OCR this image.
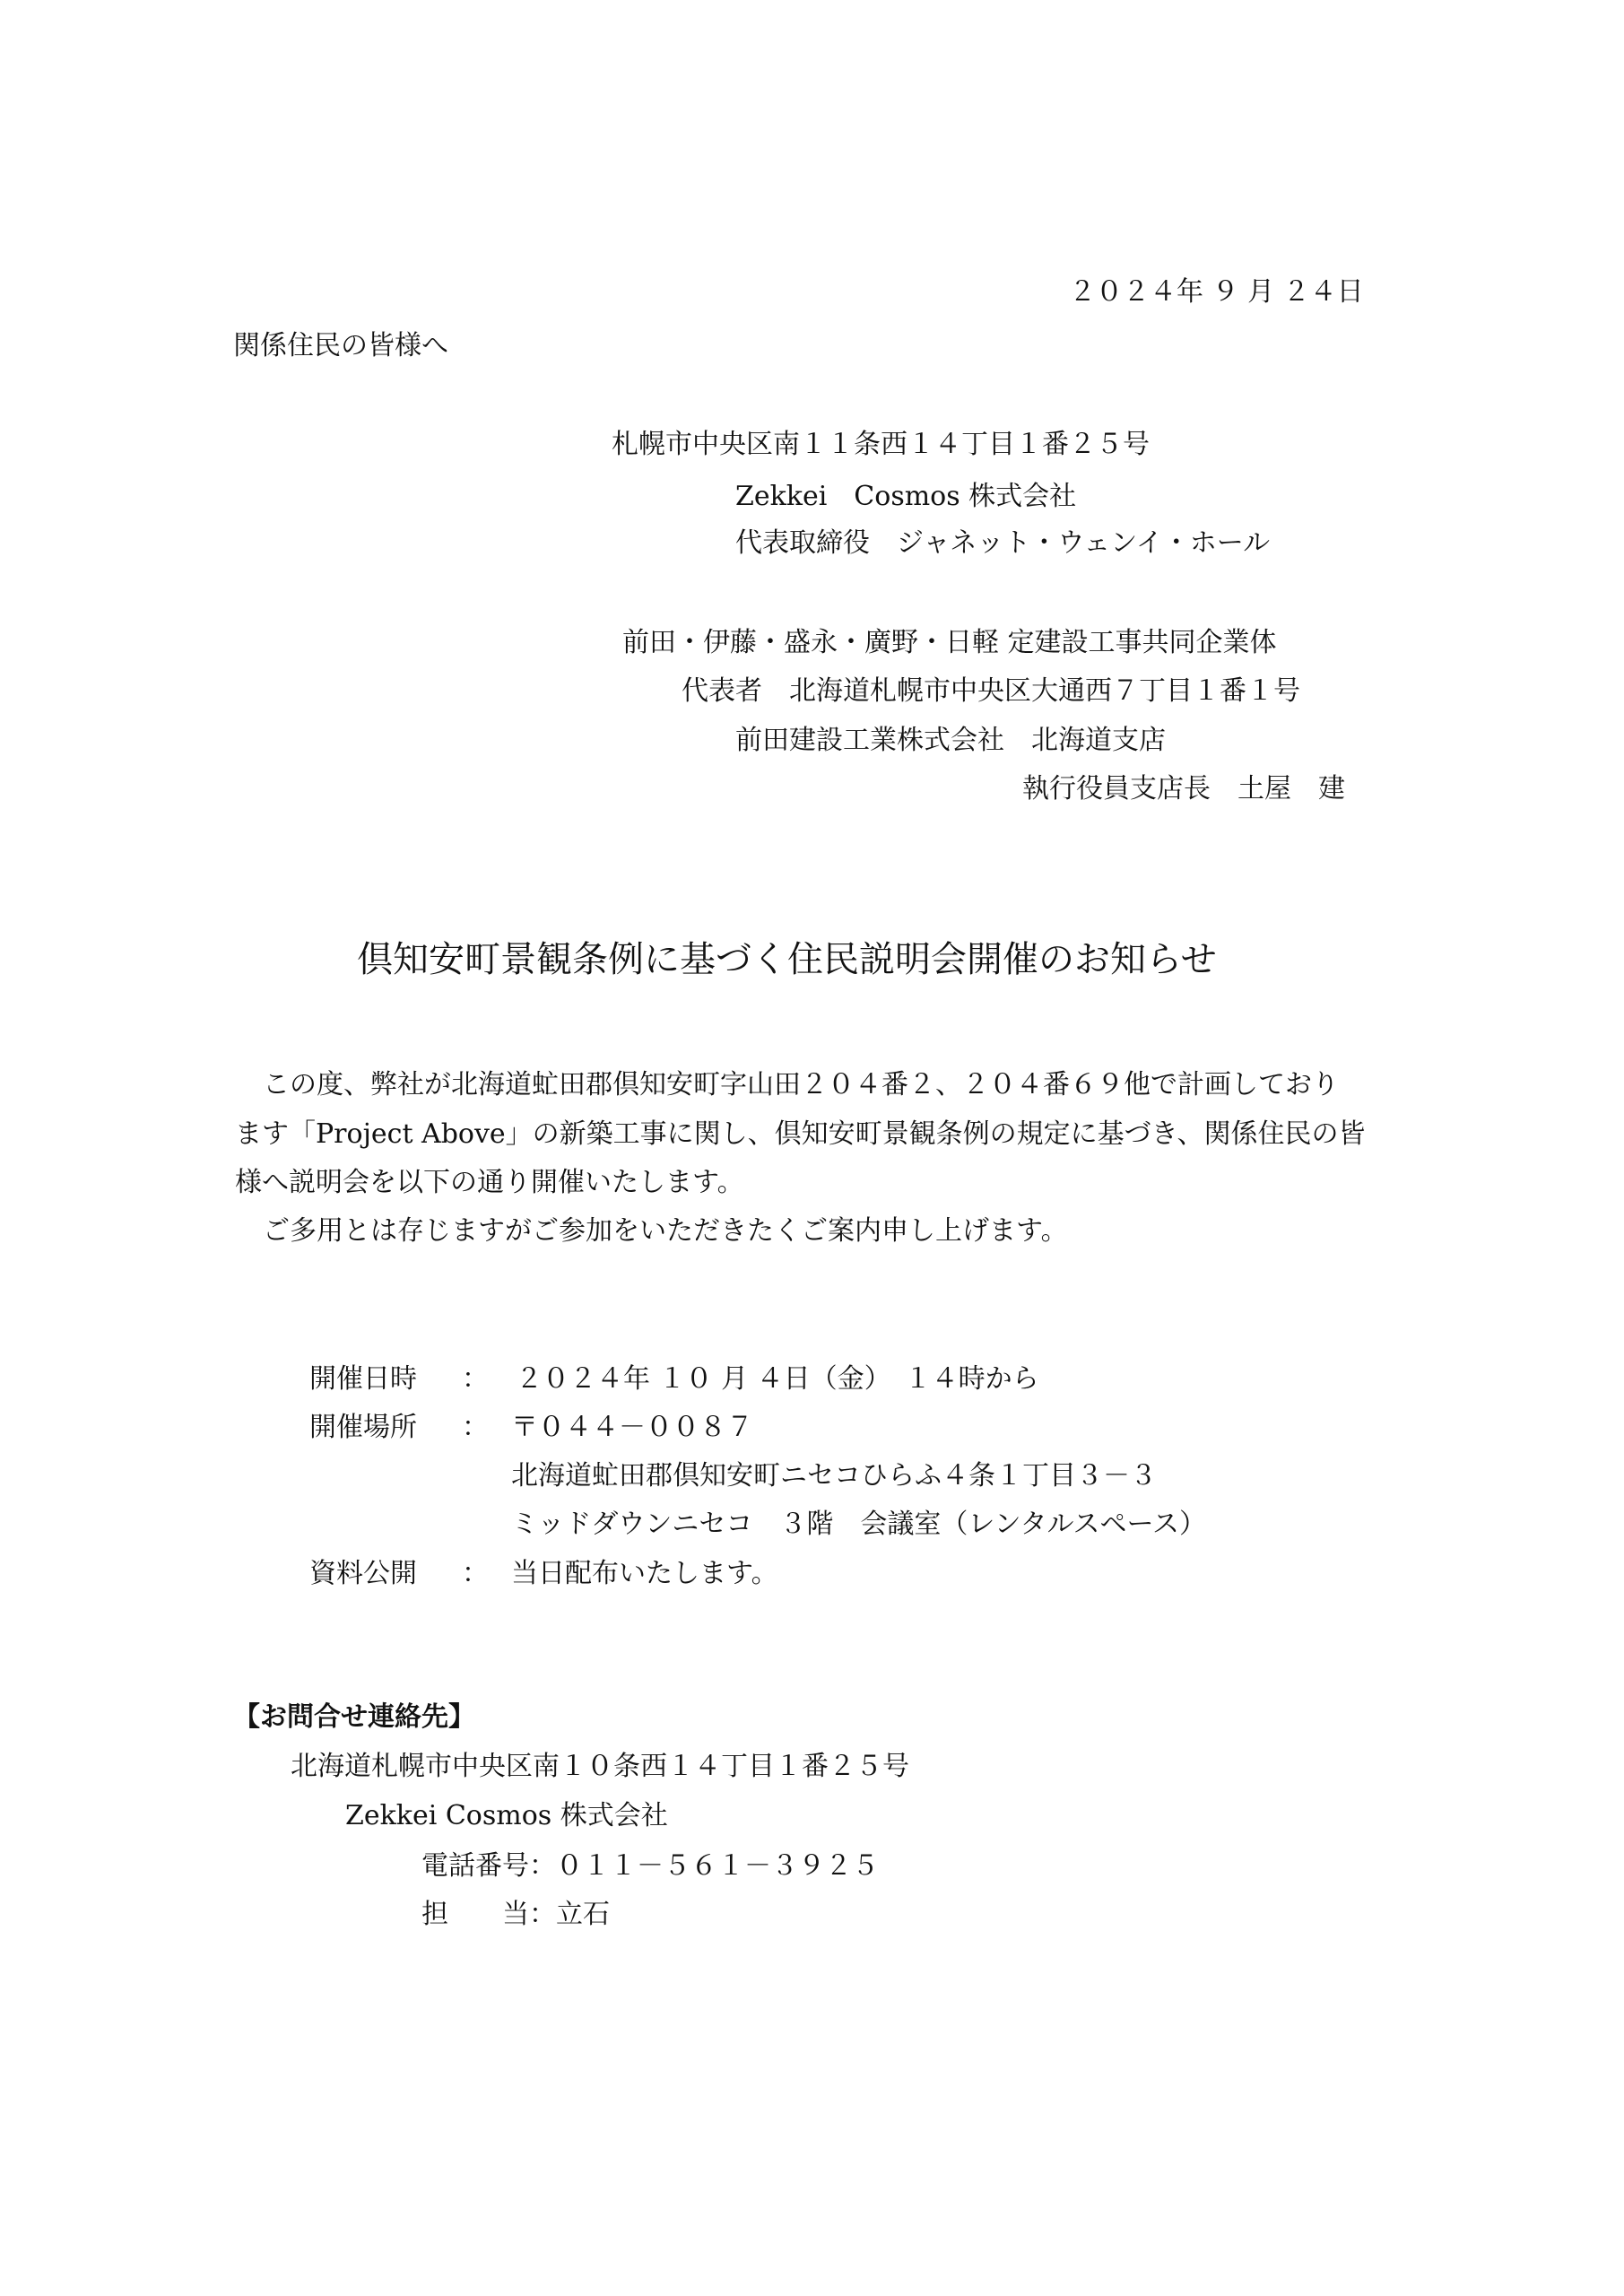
２０２４年 ９ 月 ２４日
関係住民の皆様へ
札幌市中央区南１１条西１４丁目１番２５号
Zekkei　Cosmos 株式会社
代表取締役　ジャネット・ウェンイ・ホール
前田・伊藤・盛永・廣野・日軽 定建設工事共同企業体
代表者　北海道札幌市中央区大通西７丁目１番１号
前田建設工業株式会社　北海道支店
執行役員支店長　土屋　建
倶知安町景観条例に基づく住民説明会開催のお知らせ
この度、弊社が北海道虻田郡倶知安町字山田２０４番２、２０４番６９他で計画しており
ます「Project Above」の新築工事に関し、倶知安町景観条例の規定に基づき、関係住民の皆
様へ説明会を以下の通り開催いたします。
ご多用とは存じますがご参加をいただきたくご案内申し上げます。
開催日時 ： ２０２４年 １０ 月 ４日（金）　１４時から
開催場所 ： 〒０４４－００８７
北海道虻田郡倶知安町ニセコひらふ４条１丁目３－３
ミッドダウンニセコ　３階　会議室（レンタルスペース）
資料公開 ： 当日配布いたします。
【お問合せ連絡先】
北海道札幌市中央区南１０条西１４丁目１番２５号
Zekkei Cosmos 株式会社
電話番号：０１１－５６１－３９２５
担　　当 ：立石
